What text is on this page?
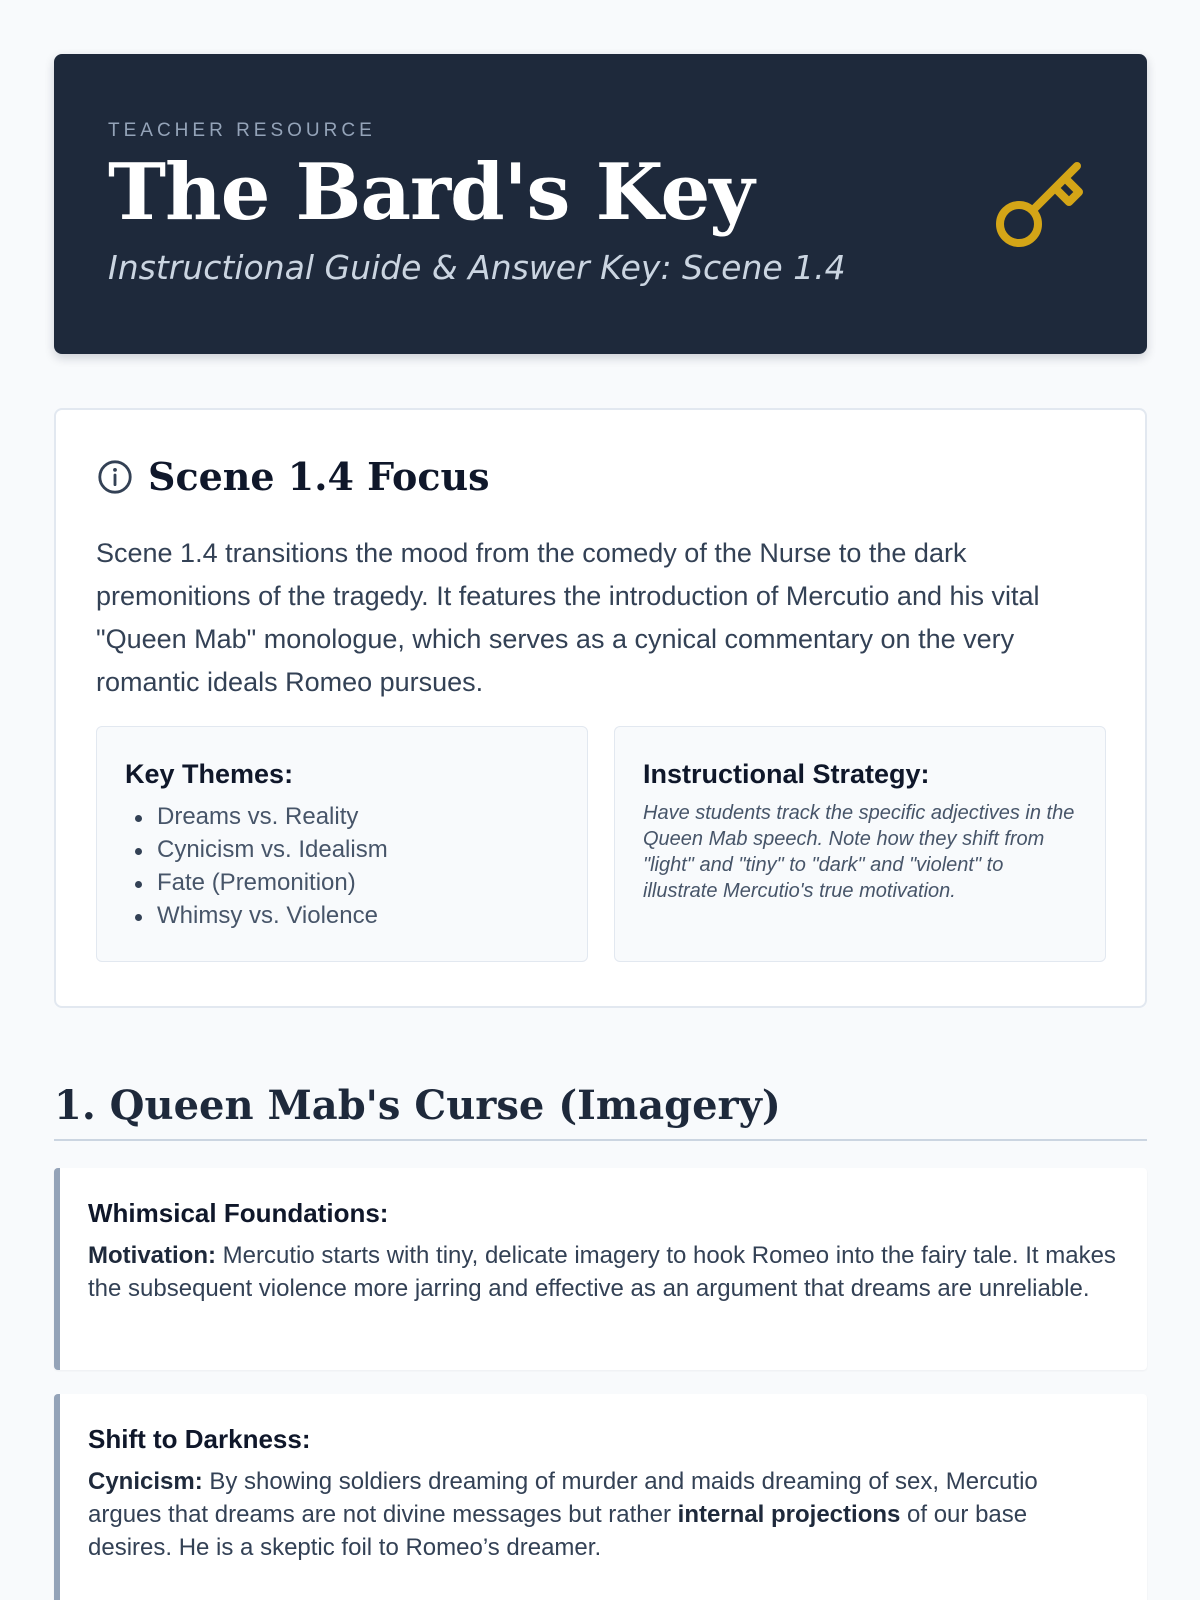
TEACHER RESOURCE
The Bard's Key
Instructional Guide & Answer Key: Scene 1.4
Scene 1.4 Focus

Scene 1.4 transitions the mood from the comedy of the Nurse to the dark premonitions of the tragedy. It features the introduction of Mercutio and his vital "Queen Mab" monologue, which serves as a cynical commentary on the very romantic ideals Romeo pursues.

Key Themes:
Dreams vs. Reality
Cynicism vs. Idealism
Fate (Premonition)
Whimsy vs. Violence
Instructional Strategy:

Have students track the specific adjectives in the Queen Mab speech. Note how they shift from "light" and "tiny" to "dark" and "violent" to illustrate Mercutio's true motivation.

1. Queen Mab's Curse (Imagery)
Whimsical Foundations:

Motivation: Mercutio starts with tiny, delicate imagery to hook Romeo into the fairy tale. It makes the subsequent violence more jarring and effective as an argument that dreams are unreliable.

Shift to Darkness:

Cynicism: By showing soldiers dreaming of murder and maids dreaming of sex, Mercutio argues that dreams are not divine messages but rather internal projections of our base desires. He is a skeptic foil to Romeo’s dreamer.
